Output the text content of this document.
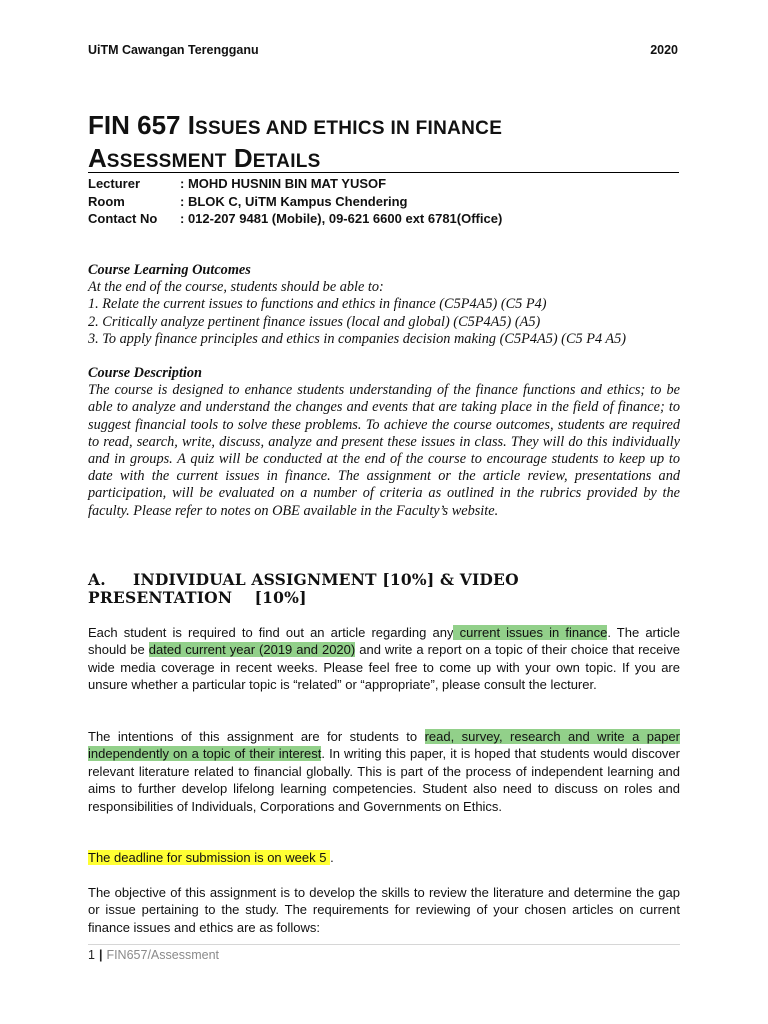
UiTM Cawangan Terengganu	2020
FIN 657 ISSUES AND ETHICS IN FINANCE
ASSESSMENT DETAILS
Lecturer	: MOHD HUSNIN BIN MAT YUSOF
Room	: BLOK C, UiTM Kampus Chendering
Contact No	: 012-207 9481 (Mobile), 09-621 6600 ext 6781(Office)
Course Learning Outcomes
At the end of the course, students should be able to:
1. Relate the current issues to functions and ethics in finance (C5P4A5) (C5 P4)
2. Critically analyze pertinent finance issues (local and global) (C5P4A5) (A5)
3. To apply finance principles and ethics in companies decision making (C5P4A5) (C5 P4 A5)
Course Description
The course is designed to enhance students understanding of the finance functions and ethics; to be able to analyze and understand the changes and events that are taking place in the field of finance; to suggest financial tools to solve these problems. To achieve the course outcomes, students are required to read, search, write, discuss, analyze and present these issues in class. They will do this individually and in groups. A quiz will be conducted at the end of the course to encourage students to keep up to date with the current issues in finance. The assignment or the article review, presentations and participation, will be evaluated on a number of criteria as outlined in the rubrics provided by the faculty. Please refer to notes on OBE available in the Faculty’s website.
A. INDIVIDUAL ASSIGNMENT [10%] & VIDEO
PRESENTATION    [10%]
Each student is required to find out an article regarding any current issues in finance. The article should be dated current year (2019 and 2020) and write a report on a topic of their choice that receive wide media coverage in recent weeks. Please feel free to come up with your own topic. If you are unsure whether a particular topic is “related” or “appropriate”, please consult the lecturer.
The intentions of this assignment are for students to read, survey, research and write a paper independently on a topic of their interest. In writing this paper, it is hoped that students would discover relevant literature related to financial globally. This is part of the process of independent learning and aims to further develop lifelong learning competencies. Student also need to discuss on roles and responsibilities of Individuals, Corporations and Governments on Ethics.
The deadline for submission is on week 5 .
The objective of this assignment is to develop the skills to review the literature and determine the gap or issue pertaining to the study. The requirements for reviewing of your chosen articles on current finance issues and ethics are as follows:
1 | FIN657/Assessment
